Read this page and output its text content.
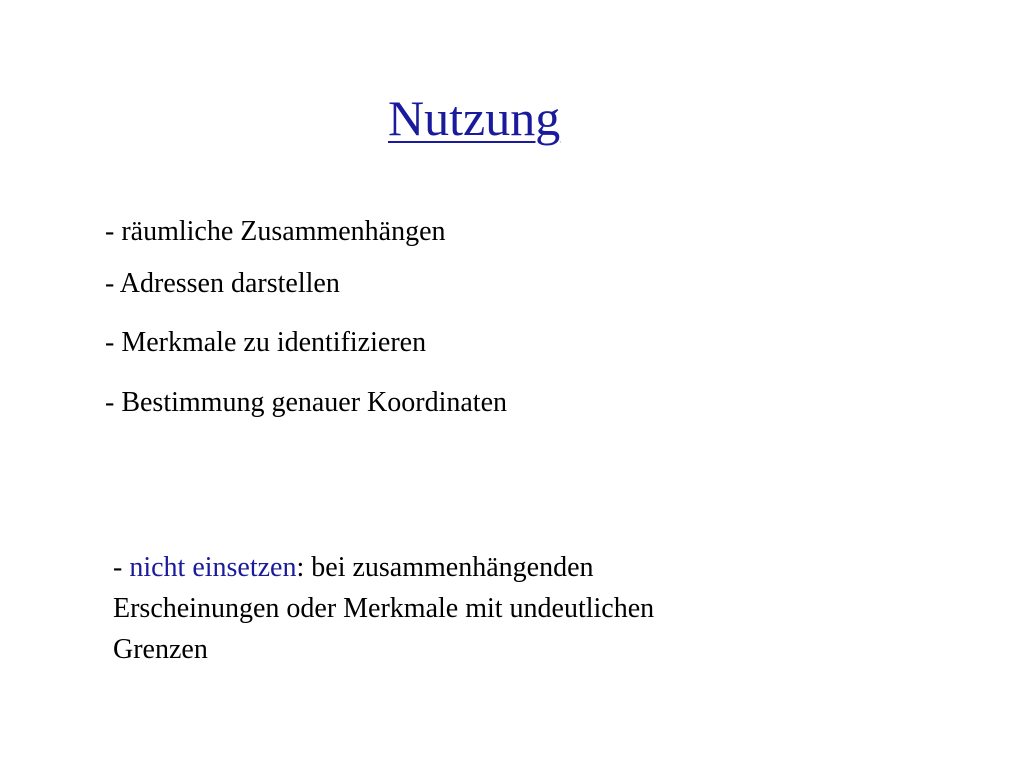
Nutzung
- räumliche Zusammenhängen
- Adressen darstellen
- Merkmale zu identifizieren
- Bestimmung genauer Koordinaten
- nicht einsetzen: bei zusammenhängenden
Erscheinungen oder Merkmale mit undeutlichen
Grenzen
